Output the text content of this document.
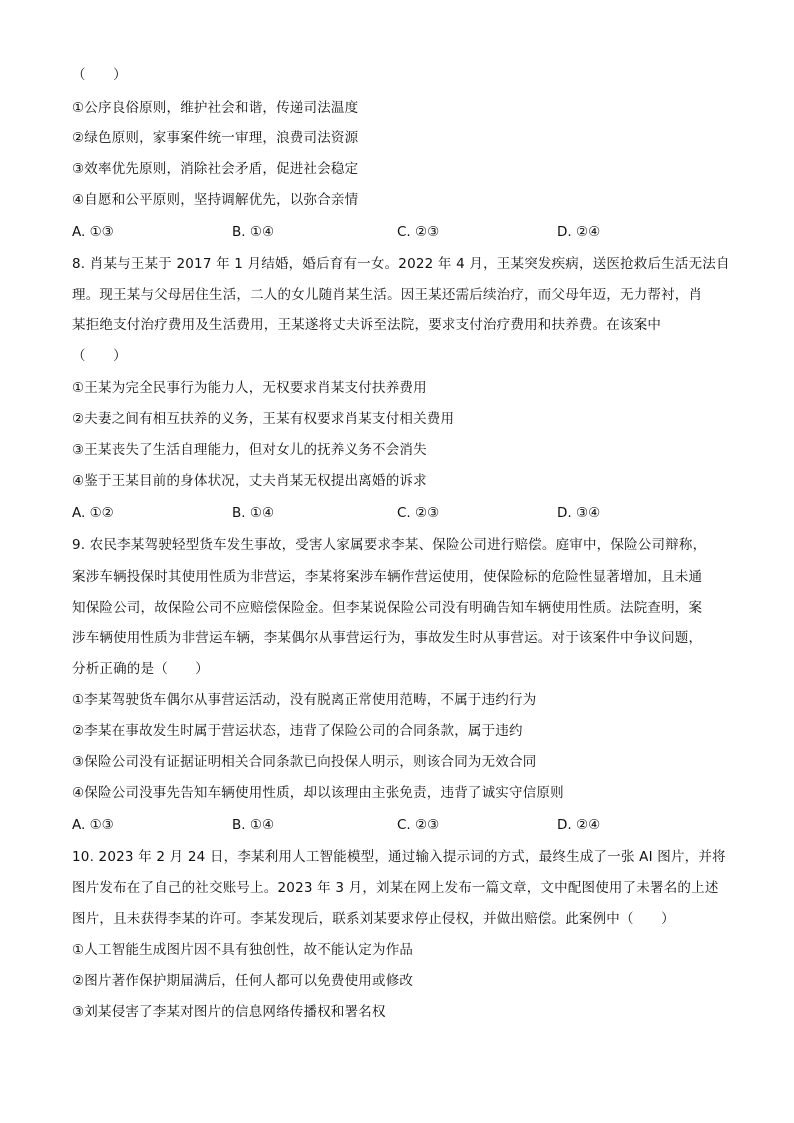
（　　）
①公序良俗原则，维护社会和谐，传递司法温度
②绿色原则，家事案件统一审理，浪费司法资源
③效率优先原则，消除社会矛盾，促进社会稳定
④自愿和公平原则，坚持调解优先，以弥合亲情
A. ①③	B. ①④	C. ②③	D. ②④
8. 肖某与王某于 2017 年 1 月结婚，婚后育有一女。2022 年 4 月，王某突发疾病，送医抢救后生活无法自
理。现王某与父母居住生活，二人的女儿随肖某生活。因王某还需后续治疗，而父母年迈，无力帮衬，肖
某拒绝支付治疗费用及生活费用，王某遂将丈夫诉至法院，要求支付治疗费用和扶养费。在该案中
（　　）
①王某为完全民事行为能力人，无权要求肖某支付扶养费用
②夫妻之间有相互扶养的义务，王某有权要求肖某支付相关费用
③王某丧失了生活自理能力，但对女儿的抚养义务不会消失
④鉴于王某目前的身体状况，丈夫肖某无权提出离婚的诉求
A. ①②	B. ①④	C. ②③	D. ③④
9. 农民李某驾驶轻型货车发生事故，受害人家属要求李某、保险公司进行赔偿。庭审中，保险公司辩称，
案涉车辆投保时其使用性质为非营运，李某将案涉车辆作营运使用，使保险标的危险性显著增加，且未通
知保险公司，故保险公司不应赔偿保险金。但李某说保险公司没有明确告知车辆使用性质。法院查明，案
涉车辆使用性质为非营运车辆，李某偶尔从事营运行为，事故发生时从事营运。对于该案件中争议问题，
分析正确的是（　　）
①李某驾驶货车偶尔从事营运活动，没有脱离正常使用范畴，不属于违约行为
②李某在事故发生时属于营运状态，违背了保险公司的合同条款，属于违约
③保险公司没有证据证明相关合同条款已向投保人明示，则该合同为无效合同
④保险公司没事先告知车辆使用性质，却以该理由主张免责，违背了诚实守信原则
A. ①③	B. ①④	C. ②③	D. ②④
10. 2023 年 2 月 24 日，李某利用人工智能模型，通过输入提示词的方式，最终生成了一张 AI 图片，并将
图片发布在了自己的社交账号上。2023 年 3 月，刘某在网上发布一篇文章，文中配图使用了未署名的上述
图片，且未获得李某的许可。李某发现后，联系刘某要求停止侵权，并做出赔偿。此案例中（　　）
①人工智能生成图片因不具有独创性，故不能认定为作品
②图片著作保护期届满后，任何人都可以免费使用或修改
③刘某侵害了李某对图片的信息网络传播权和署名权
